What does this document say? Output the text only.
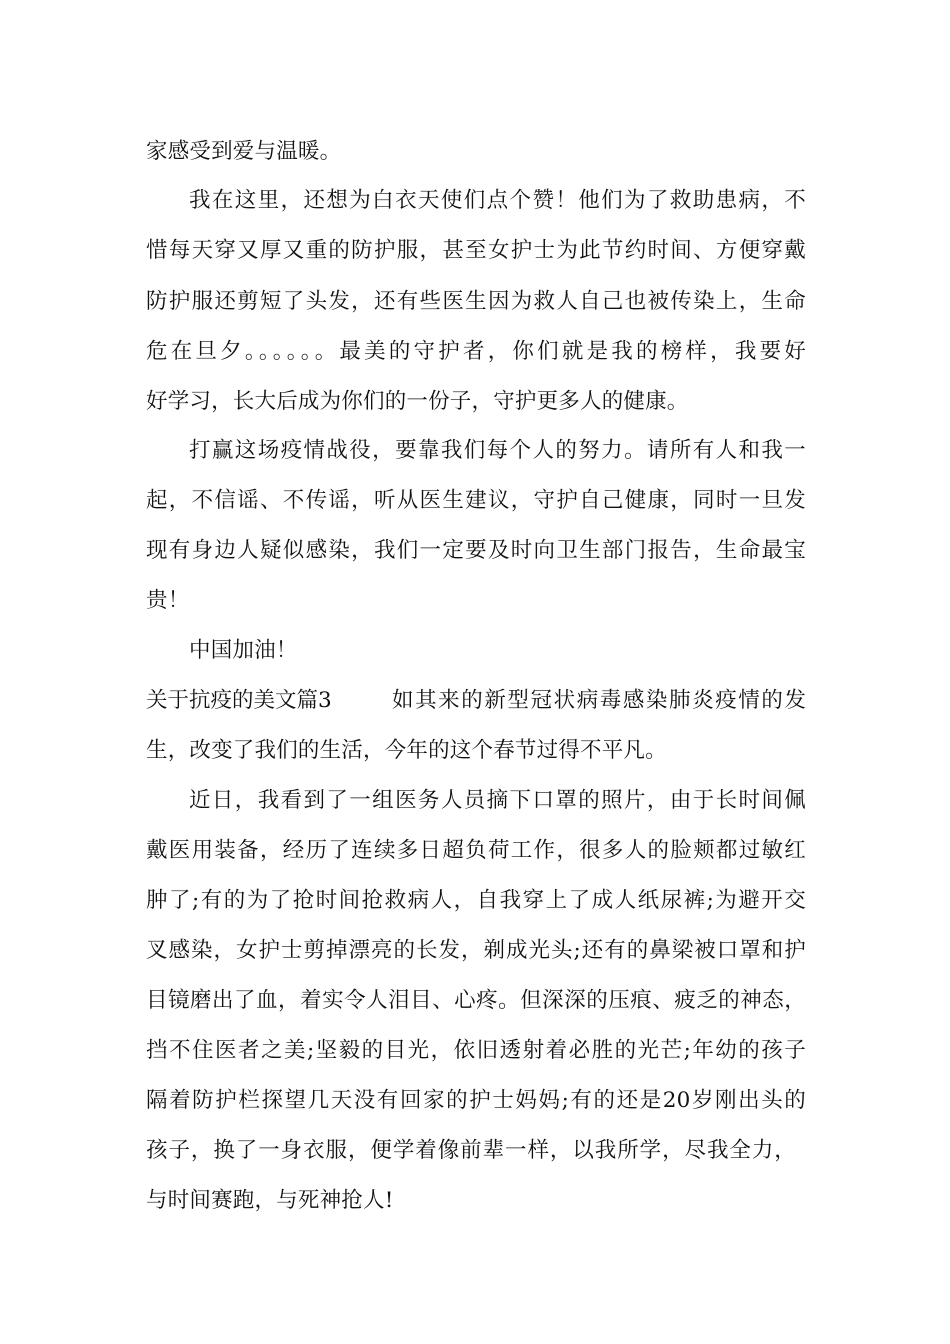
家感受到爱与温暖。
我在这里，还想为白衣天使们点个赞！他们为了救助患病，不
惜每天穿又厚又重的防护服，甚至女护士为此节约时间、方便穿戴
防护服还剪短了头发，还有些医生因为救人自己也被传染上，生命
危在旦夕。。。。。。最美的守护者，你们就是我的榜样，我要好
好学习，长大后成为你们的一份子，守护更多人的健康。
打赢这场疫情战役，要靠我们每个人的努力。请所有人和我一
起，不信谣、不传谣，听从医生建议，守护自己健康，同时一旦发
现有身边人疑似感染，我们一定要及时向卫生部门报告，生命最宝
贵！
中国加油！
关于抗疫的美文篇3	如其来的新型冠状病毒感染肺炎疫情的发
生，改变了我们的生活，今年的这个春节过得不平凡。
近日，我看到了一组医务人员摘下口罩的照片，由于长时间佩
戴医用装备，经历了连续多日超负荷工作，很多人的脸颊都过敏红
肿了;有的为了抢时间抢救病人，自我穿上了成人纸尿裤;为避开交
叉感染，女护士剪掉漂亮的长发，剃成光头;还有的鼻梁被口罩和护
目镜磨出了血，着实令人泪目、心疼。但深深的压痕、疲乏的神态，
挡不住医者之美;坚毅的目光，依旧透射着必胜的光芒;年幼的孩子
隔着防护栏探望几天没有回家的护士妈妈;有的还是20岁刚出头的
孩子，换了一身衣服，便学着像前辈一样，以我所学，尽我全力，
与时间赛跑，与死神抢人!
